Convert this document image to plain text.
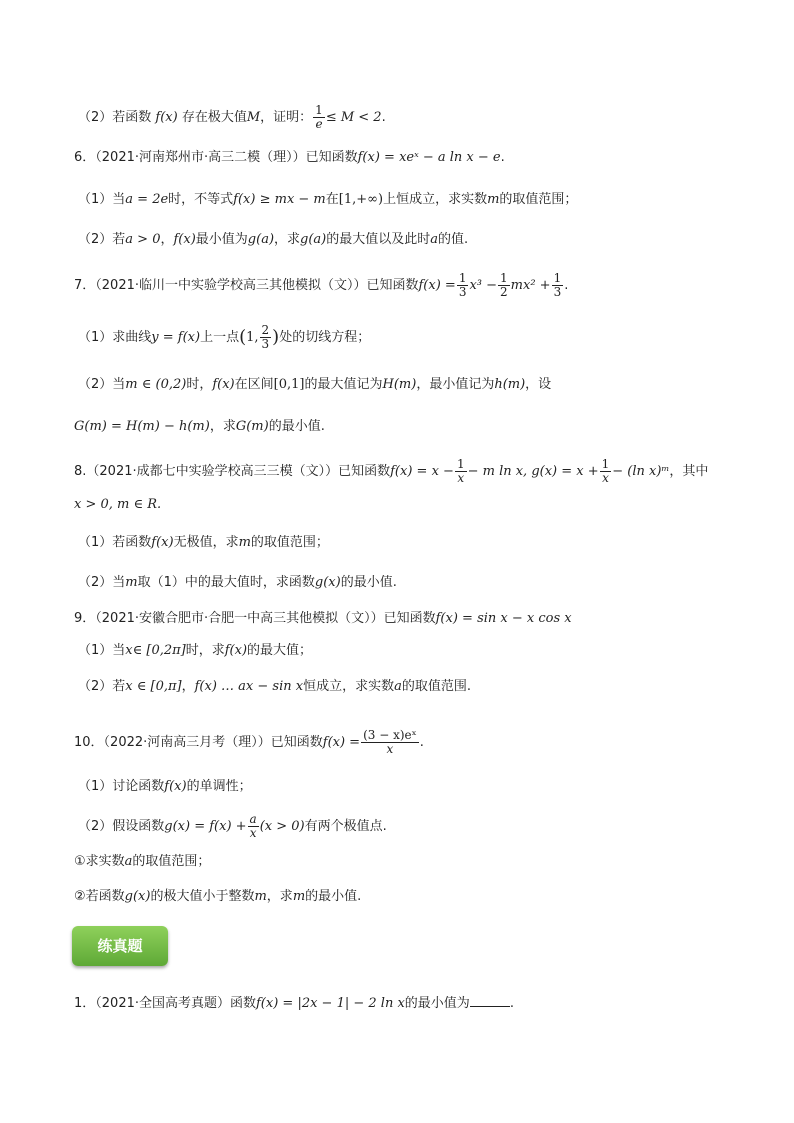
（2）若函数 f(x) 存在极大值M，证明： $\frac{1}{e} \le M < 2$.
6．（2021·河南郑州市·高三二模（理））已知函数f(x) = xeˣ − a ln x − e.
（1）当a = 2e时，不等式f(x) ≥ mx − m在[1,+∞)上恒成立，求实数m的取值范围；
（2）若a > 0，f(x)最小值为g(a)，求g(a)的最大值以及此时a的值.
7．（2021·临川一中实验学校高三其他模拟（文））已知函数$f(x) = \frac{1}{3} x^3 - \frac{1}{2} mx^2 + \frac{1}{3}$ .
（1）求曲线y = f(x)上一点(1, $\frac{2}{3}$ )处的切线方程；
（2）当m ∈ (0,2)时，f(x)在区间[0,1]的最大值记为H(m)，最小值记为h(m)，设
G(m) = H(m) − h(m)，求G(m)的最小值.
8.（2021·成都七中实验学校高三三模（文））已知函数$f(x) = x - \frac{1}{x} - m$ ln x, $g(x) = x + \frac{1}{x} - (\ln$ x)ᵐ，其中
x > 0, m ∈ R.
（1）若函数f(x)无极值，求m的取值范围；
（2）当m取（1）中的最大值时，求函数g(x)的最小值.
9．（2021·安徽合肥市·合肥一中高三其他模拟（文））已知函数f(x) = sin x − x cos x
（1）当x∈ [0,2π]时，求f(x)的最大值；
（2）若x ∈ [0,π]，f(x) … ax − sin x恒成立，求实数a的取值范围.
10．（2022·河南高三月考（理））已知函数$f(x) = \frac{\text{(3 − x)eˣ}}{x}$ .
（1）讨论函数f(x)的单调性；
（2）假设函数$g(x) = f(x) + \frac{a}{x} (x > 0)$有两个极值点.
①求实数a的取值范围；
②若函数g(x)的极大值小于整数m，求m的最小值.
练真题
1．（2021·全国高考真题）函数f(x) = |2x − 1| − 2 ln x的最小值为	.
